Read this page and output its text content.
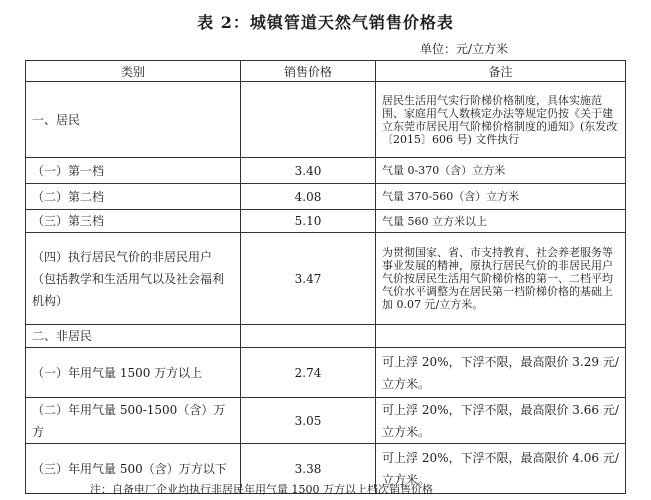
表 2：城镇管道天然气销售价格表
单位：元/立方米
类别	销售价格	备注
一、居民		居民生活用气实行阶梯价格制度，具体实施范围、家庭用气人数核定办法等规定仍按《关于建立东莞市居民用气阶梯价格制度的通知》(东发改〔2015〕606 号) 文件执行
（一）第一档	3.40	气量 0-370（含）立方米
（二）第二档	4.08	气量 370-560（含）立方米
（三）第三档	5.10	气量 560 立方米以上
（四）执行居民气价的非居民用户（包括教学和生活用气以及社会福利机构）	3.47	为贯彻国家、省、市支持教育、社会养老服务等事业发展的精神，原执行居民气价的非居民用户气价按居民生活用气阶梯价格的第一、二档平均气价水平调整为在居民第一档阶梯价格的基础上加 0.07 元/立方米。
二、非居民		
（一）年用气量 1500 万方以上	2.74	可上浮 20%，下浮不限，最高限价 3.29 元/立方米。
（二）年用气量 500-1500（含）万方	3.05	可上浮 20%，下浮不限，最高限价 3.66 元/立方米。
（三）年用气量 500（含）万方以下	3.38	可上浮 20%，下浮不限，最高限价 4.06 元/立方米。
注：自备电厂企业均执行非居民年用气量 1500 万方以上档次销售价格
